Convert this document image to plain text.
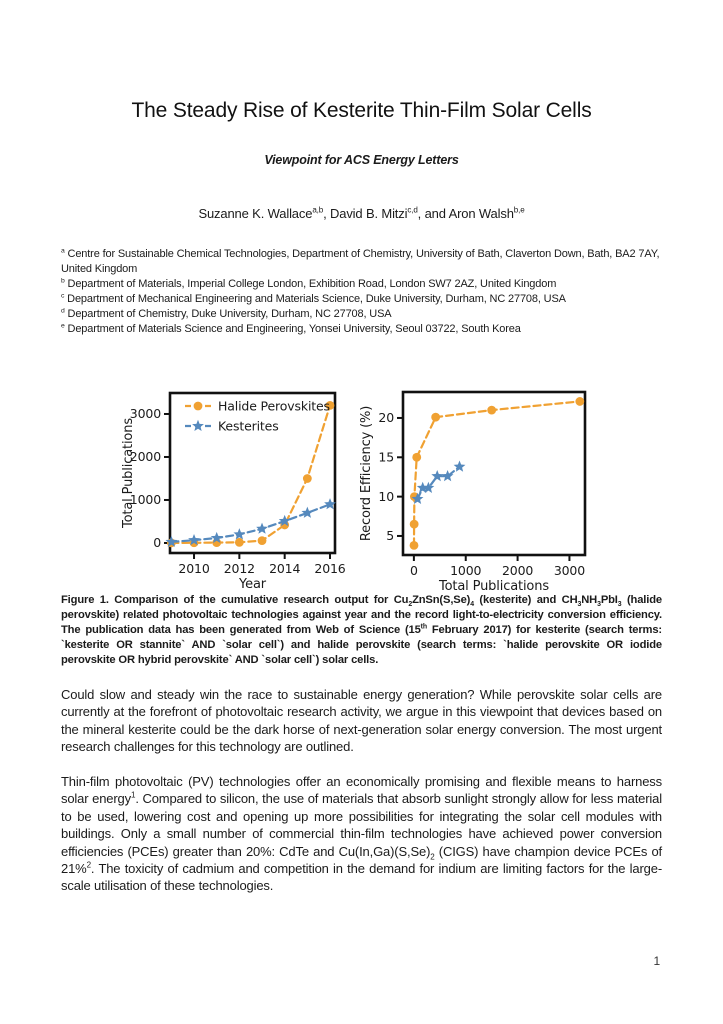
The Steady Rise of Kesterite Thin-Film Solar Cells
Viewpoint for ACS Energy Letters
Suzanne K. Wallace$^{a,b}$, David B. Mitzi$^{c,d}$, and Aron Walsh$^{b,e}$
$^a$ Centre for Sustainable Chemical Technologies, Department of Chemistry, University of Bath, Claverton Down, Bath, BA2 7AY, United Kingdom
$^b$ Department of Materials, Imperial College London, Exhibition Road, London SW7 2AZ, United Kingdom
$^c$ Department of Mechanical Engineering and Materials Science, Duke University, Durham, NC 27708, USA
$^d$ Department of Chemistry, Duke University, Durham, NC 27708, USA
$^e$ Department of Materials Science and Engineering, Yonsei University, Seoul 03722, South Korea
2010 2012 2014 2016
0
1000
2000
3000
Year
Total Publications
Halide Perovskites
Kesterites
0	1000 2000 3000
5
10
15
20
Total Publications
Record Efficiency (%)

Figure 1. Comparison of the cumulative research output for $Cu_2ZnSn(S,Se)_4$ (kesterite) and $CH_3NH_3PbI_3$ (halide perovskite) related photovoltaic technologies against year and the record light-to-electricity conversion efficiency. The publication data has been generated from Web of Science (15th February 2017) for kesterite (search terms: `kesterite OR stannite` AND `solar cell`) and halide perovskite (search terms: `halide perovskite OR iodide perovskite OR hybrid perovskite` AND `solar cell`) solar cells.

Could slow and steady win the race to sustainable energy generation? While perovskite solar cells are currently at the forefront of photovoltaic research activity, we argue in this viewpoint that devices based on the mineral kesterite could be the dark horse of next-generation solar energy conversion. The most urgent research challenges for this technology are outlined.

Thin-film photovoltaic (PV) technologies offer an economically promising and flexible means to harness solar energy$^1$. Compared to silicon, the use of materials that absorb sunlight strongly allow for less material to be used, lowering cost and opening up more possibilities for integrating the solar cell modules with buildings. Only a small number of commercial thin-film technologies have achieved power conversion efficiencies (PCEs) greater than 20%: CdTe and $Cu(In,Ga)(S,Se)_2$ (CIGS) have champion device PCEs of 21%$^2$. The toxicity of cadmium and competition in the demand for indium are limiting factors for the large-scale utilisation of these technologies.

1
